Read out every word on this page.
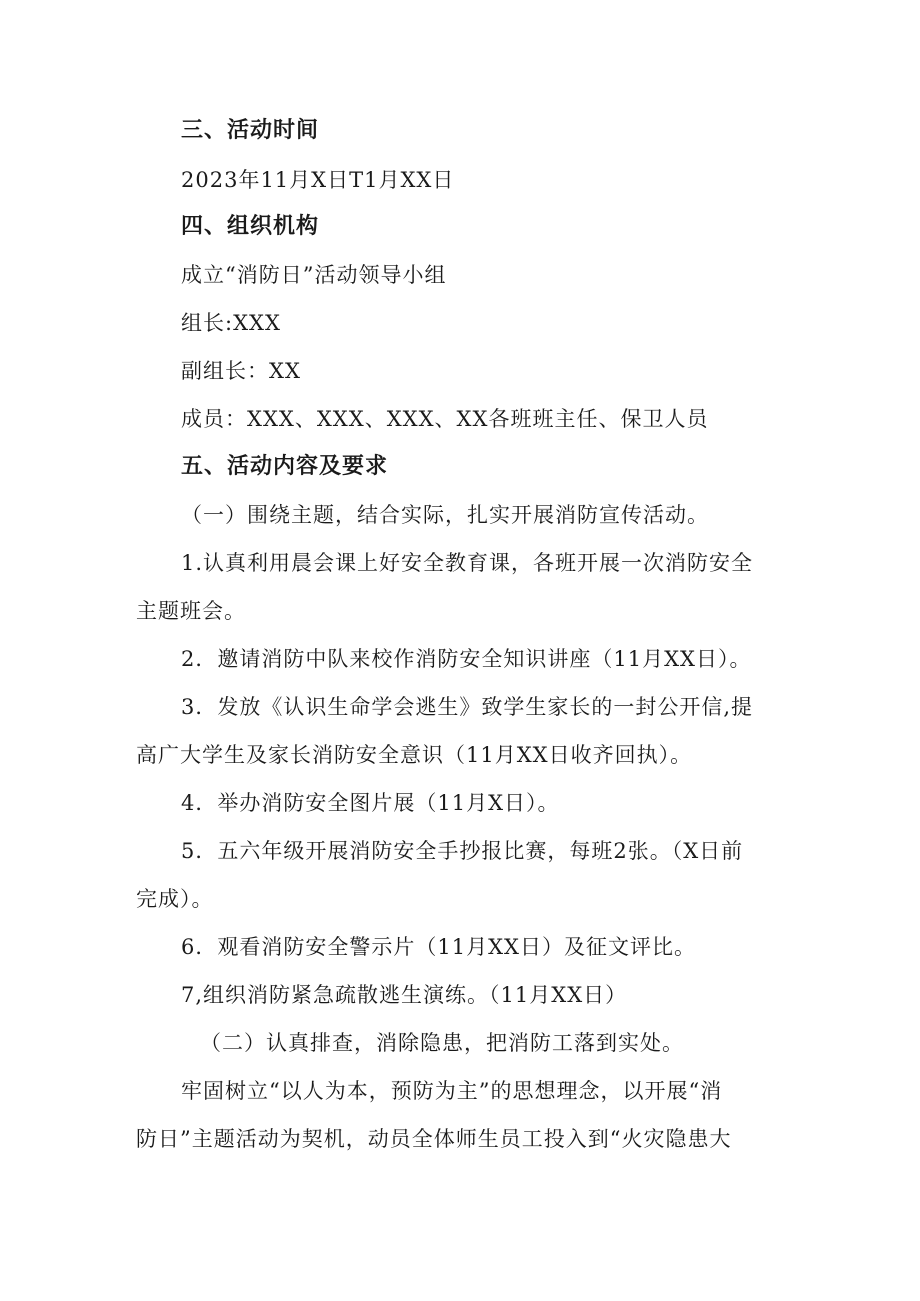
三、活动时间
2023年11月X日T1月XX日
四、组织机构
成立“消防日”活动领导小组
组长:XXX
副组长：XX
成员：XXX、XXX、XXX、XX各班班主任、保卫人员
五、活动内容及要求
（一）围绕主题，结合实际，扎实开展消防宣传活动。
1.认真利用晨会课上好安全教育课，各班开展一次消防安全
主题班会。
2．邀请消防中队来校作消防安全知识讲座（11月XX日）。
3．发放《认识生命学会逃生》致学生家长的一封公开信,提
高广大学生及家长消防安全意识（11月XX日收齐回执）。
4．举办消防安全图片展（11月X日）。
5．五六年级开展消防安全手抄报比赛，每班2张。（X日前
完成）。
6．观看消防安全警示片（11月XX日）及征文评比。
7,组织消防紧急疏散逃生演练。（11月XX日）
（二）认真排查，消除隐患，把消防工落到实处。
牢固树立“以人为本，预防为主”的思想理念，以开展“消
防日”主题活动为契机，动员全体师生员工投入到“火灾隐患大
